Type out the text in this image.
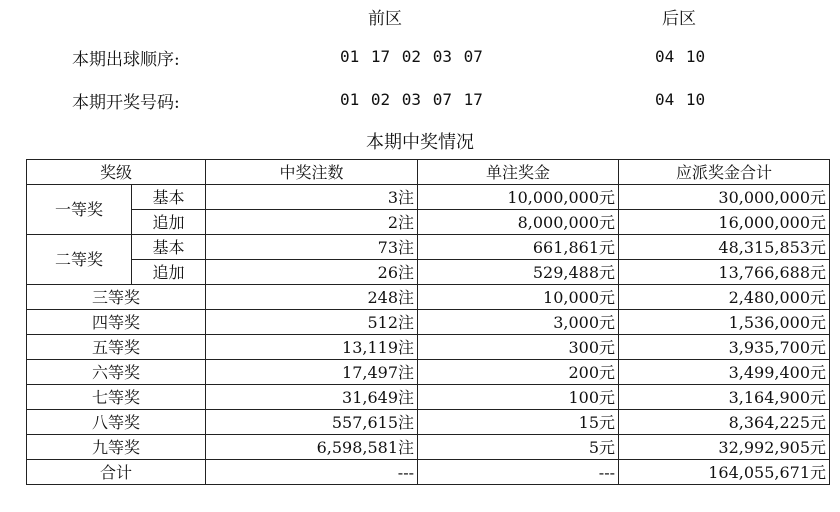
前区	后区
本期出球顺序:	01 17 02 03 07	04 10
本期开奖号码:	01 02 03 07 17	04 10
本期中奖情况
奖级		中奖注数	单注奖金	应派奖金合计
一等奖	基本	3注	10,000,000元	30,000,000元
	追加	2注	8,000,000元	16,000,000元
二等奖	基本	73注	661,861元	48,315,853元
	追加	26注	529,488元	13,766,688元
三等奖		248注	10,000元	2,480,000元
四等奖		512注	3,000元	1,536,000元
五等奖		13,119注	300元	3,935,700元
六等奖		17,497注	200元	3,499,400元
七等奖		31,649注	100元	3,164,900元
八等奖		557,615注	15元	8,364,225元
九等奖		6,598,581注	5元	32,992,905元
合计		---	---	164,055,671元
